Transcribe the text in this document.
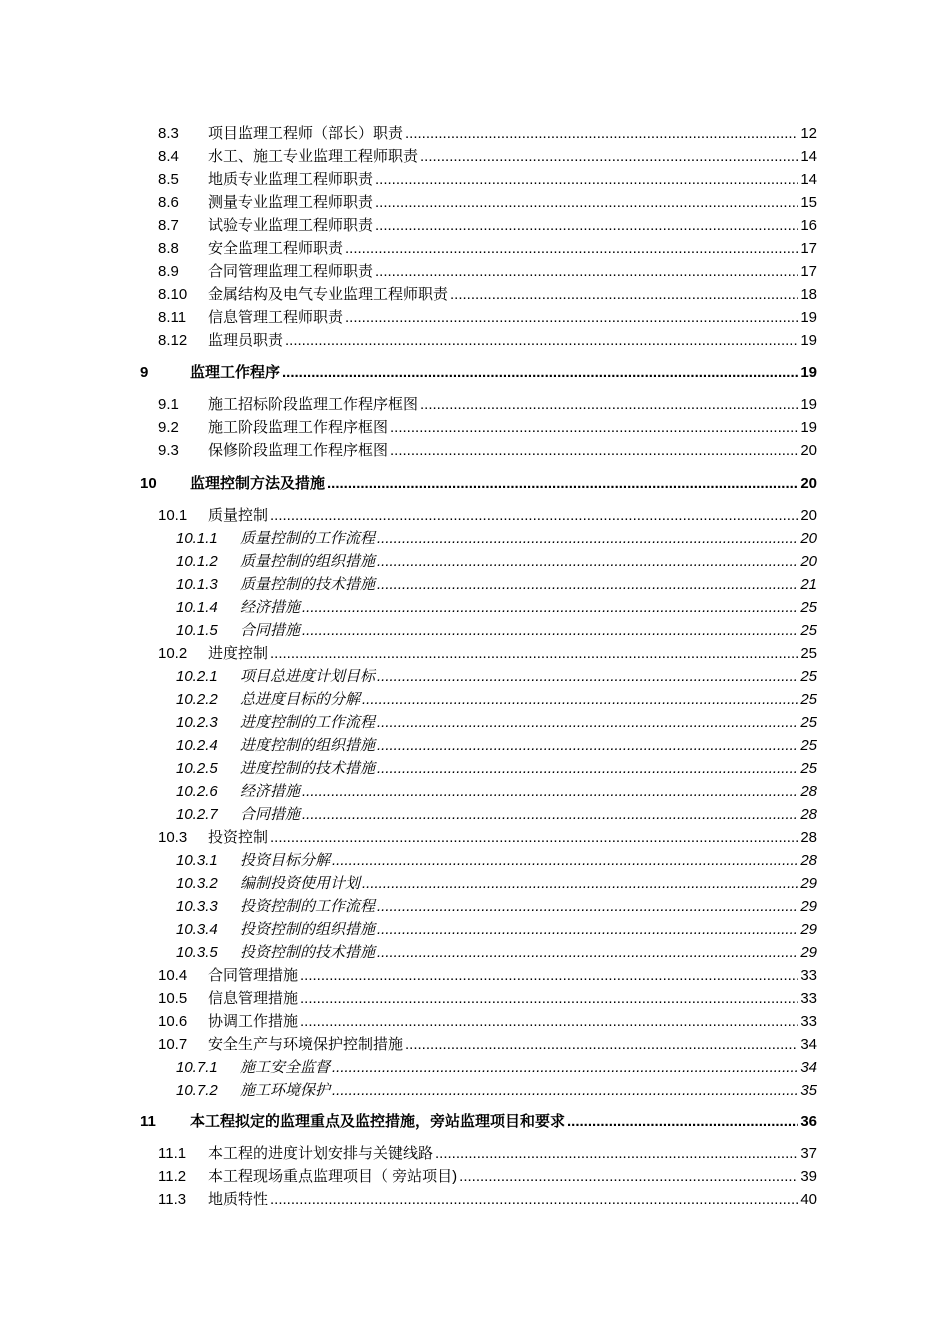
8.3	项目监理工程师（部长）职责 .....	12
8.4	水工、施工专业监理工程师职责 .....	14
8.5	地质专业监理工程师职责 .....	14
8.6	测量专业监理工程师职责 .....	15
8.7	试验专业监理工程师职责 .....	16
8.8	安全监理工程师职责 .....	17
8.9	合同管理监理工程师职责 .....	17
8.10	金属结构及电气专业监理工程师职责 .....	18
8.11	信息管理工程师职责 .....	19
8.12	监理员职责 .....	19
9	监理工作程序 .....	19
9.1	施工招标阶段监理工作程序框图 .....	19
9.2	施工阶段监理工作程序框图 .....	19
9.3	保修阶段监理工作程序框图 .....	20
10	监理控制方法及措施 .....	20
10.1	质量控制 .....	20
10.1.1	质量控制的工作流程 .....	20
10.1.2	质量控制的组织措施 .....	20
10.1.3	质量控制的技术措施 .....	21
10.1.4	经济措施 .....	25
10.1.5	合同措施 .....	25
10.2	进度控制 .....	25
10.2.1	项目总进度计划目标 .....	25
10.2.2	总进度目标的分解 .....	25
10.2.3	进度控制的工作流程 .....	25
10.2.4	进度控制的组织措施 .....	25
10.2.5	进度控制的技术措施 .....	25
10.2.6	经济措施 .....	28
10.2.7	合同措施 .....	28
10.3	投资控制 .....	28
10.3.1	投资目标分解 .....	28
10.3.2	编制投资使用计划 .....	29
10.3.3	投资控制的工作流程 .....	29
10.3.4	投资控制的组织措施 .....	29
10.3.5	投资控制的技术措施 .....	29
10.4	合同管理措施 .....	33
10.5	信息管理措施 .....	33
10.6	协调工作措施 .....	33
10.7	安全生产与环境保护控制措施 .....	34
10.7.1	施工安全监督 .....	34
10.7.2	施工环境保护 .....	35
11	本工程拟定的监理重点及监控措施，旁站监理项目和要求 .....	36
11.1	本工程的进度计划安排与关键线路 .....	37
11.2	本工程现场重点监理项目（ 旁站项目) .....	39
11.3	地质特性 .....	40
